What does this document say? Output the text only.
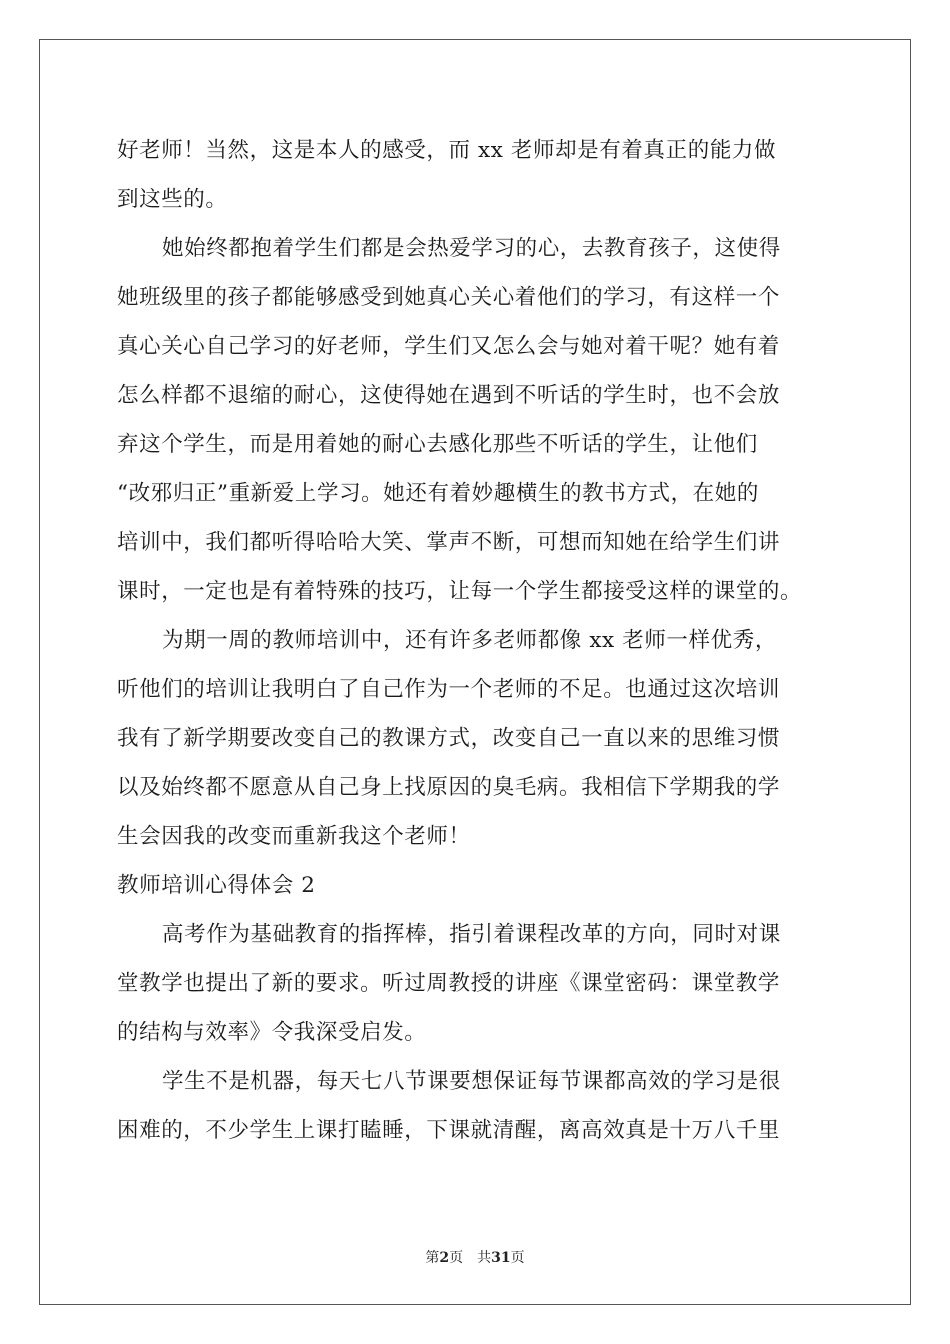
好老师！当然，这是本人的感受，而 xx 老师却是有着真正的能力做
到这些的。
她始终都抱着学生们都是会热爱学习的心，去教育孩子，这使得
她班级里的孩子都能够感受到她真心关心着他们的学习，有这样一个
真心关心自己学习的好老师，学生们又怎么会与她对着干呢？她有着
怎么样都不退缩的耐心，这使得她在遇到不听话的学生时，也不会放
弃这个学生，而是用着她的耐心去感化那些不听话的学生，让他们
“改邪归正”重新爱上学习。她还有着妙趣横生的教书方式，在她的
培训中，我们都听得哈哈大笑、掌声不断，可想而知她在给学生们讲
课时，一定也是有着特殊的技巧，让每一个学生都接受这样的课堂的。
为期一周的教师培训中，还有许多老师都像 xx 老师一样优秀，
听他们的培训让我明白了自己作为一个老师的不足。也通过这次培训
我有了新学期要改变自己的教课方式，改变自己一直以来的思维习惯
以及始终都不愿意从自己身上找原因的臭毛病。我相信下学期我的学
生会因我的改变而重新我这个老师！
教师培训心得体会 2
高考作为基础教育的指挥棒，指引着课程改革的方向，同时对课
堂教学也提出了新的要求。听过周教授的讲座《课堂密码：课堂教学
的结构与效率》令我深受启发。
学生不是机器，每天七八节课要想保证每节课都高效的学习是很
困难的，不少学生上课打瞌睡，下课就清醒，离高效真是十万八千里
第2页 共31页
